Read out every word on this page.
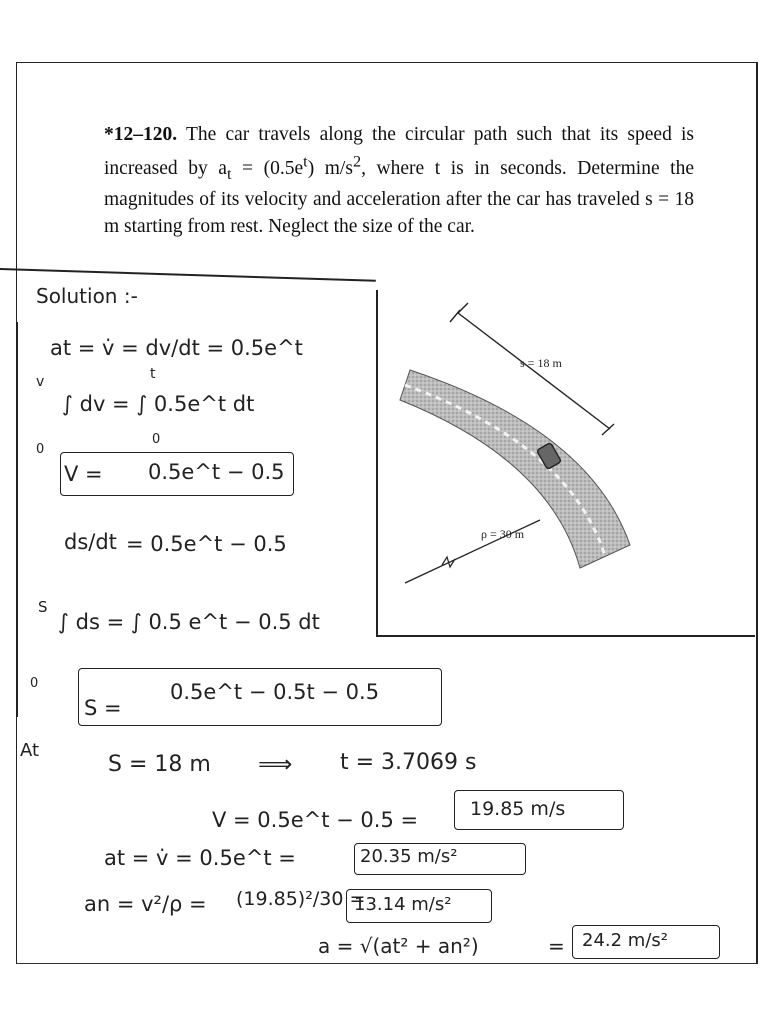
*12–120. The car travels along the circular path such that its speed is increased by $a_t = (0.5e^t)$ $m/s^2$, where t is in seconds. Determine the magnitudes of its velocity and acceleration after the car has traveled s = 18 m starting from rest. Neglect the size of the car.
s = 18 m
ρ = 30 m
Solution :-
at = v̇ = dv/dt = 0.5e^t
v	t
∫ dv = ∫ 0.5e^t dt
0
0
V = 0.5e^t − 0.5
ds/dt = 0.5e^t − 0.5
S
∫ ds = ∫ 0.5 e^t − 0.5 dt
0
S =
0.5e^t − 0.5t − 0.5
At
S = 18 m ⟹ t = 3.7069 s
V = 0.5e^t − 0.5 =	19.85 m/s
at = v̇ = 0.5e^t =	20.35 m/s²
an = v²/ρ = (19.85)²/30 =
13.14 m/s²
a = √(at² + an²)	= 24.2 m/s²
